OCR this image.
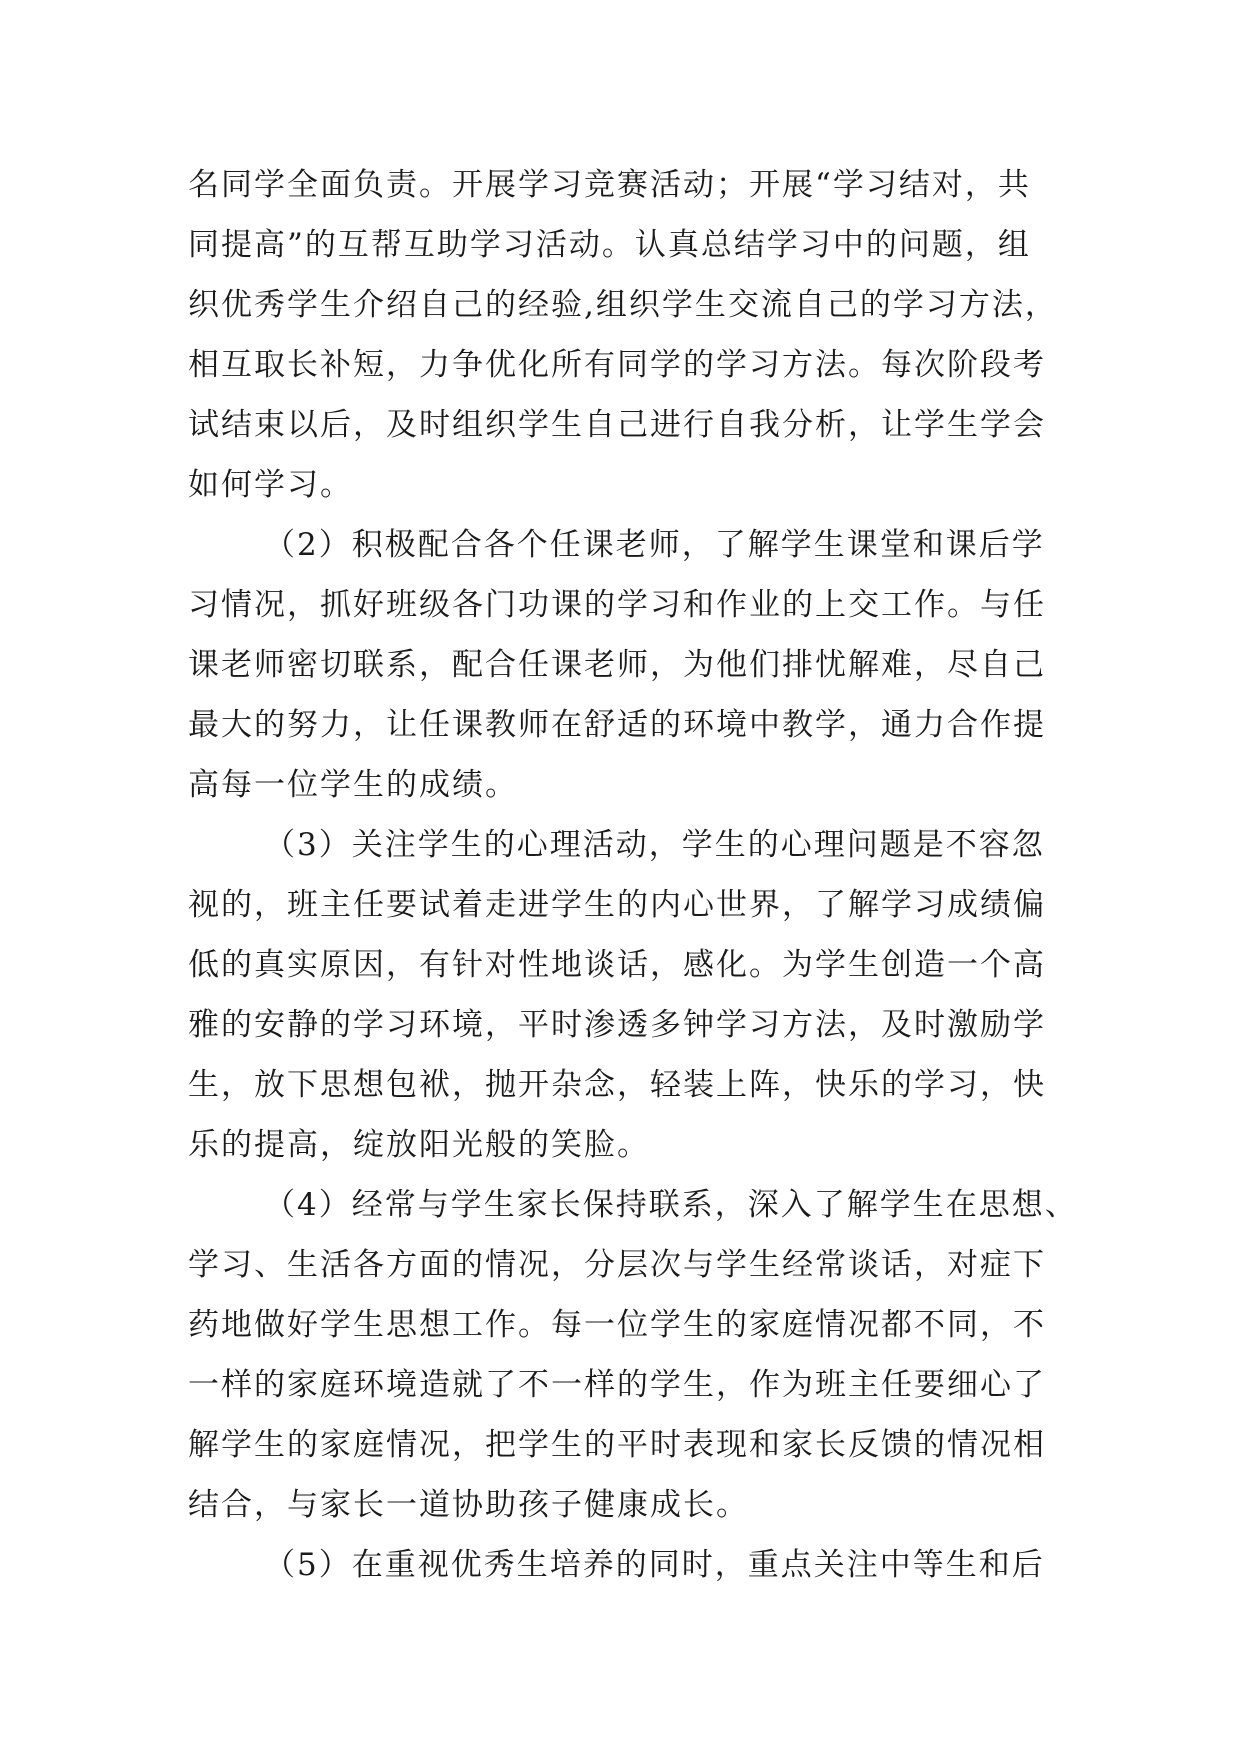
名同学全面负责。开展学习竞赛活动；开展“学习结对，共
同提高”的互帮互助学习活动。认真总结学习中的问题，组
织优秀学生介绍自己的经验,组织学生交流自己的学习方法，
相互取长补短，力争优化所有同学的学习方法。每次阶段考
试结束以后，及时组织学生自己进行自我分析，让学生学会
如何学习。
（2）积极配合各个任课老师，了解学生课堂和课后学
习情况，抓好班级各门功课的学习和作业的上交工作。与任
课老师密切联系，配合任课老师，为他们排忧解难，尽自己
最大的努力，让任课教师在舒适的环境中教学，通力合作提
高每一位学生的成绩。
（3）关注学生的心理活动，学生的心理问题是不容忽
视的，班主任要试着走进学生的内心世界，了解学习成绩偏
低的真实原因，有针对性地谈话，感化。为学生创造一个高
雅的安静的学习环境，平时渗透多钟学习方法，及时激励学
生，放下思想包袱，抛开杂念，轻装上阵，快乐的学习，快
乐的提高，绽放阳光般的笑脸。
（4）经常与学生家长保持联系，深入了解学生在思想、
学习、生活各方面的情况，分层次与学生经常谈话，对症下
药地做好学生思想工作。每一位学生的家庭情况都不同，不
一样的家庭环境造就了不一样的学生，作为班主任要细心了
解学生的家庭情况，把学生的平时表现和家长反馈的情况相
结合，与家长一道协助孩子健康成长。
（5）在重视优秀生培养的同时，重点关注中等生和后
